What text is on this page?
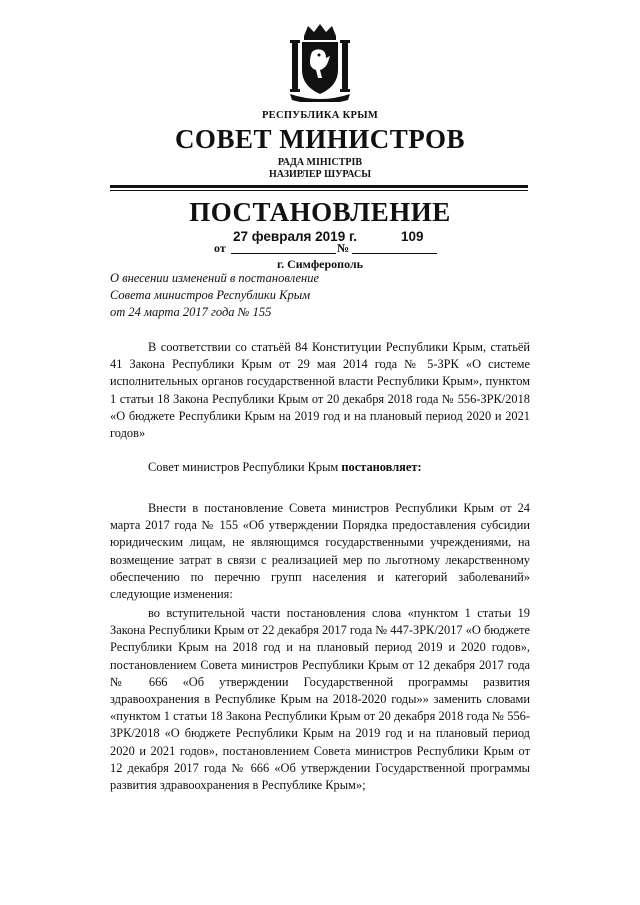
РЕСПУБЛИКА КРЫМ
СОВЕТ МИНИСТРОВ
РАДА МІНІСТРІВ
НАЗИРЛЕР ШУРАСЫ
ПОСТАНОВЛЕНИЕ
27 февраля 2019 г.	109
от	№
г. Симферополь
О внесении изменений в постановление
Совета министров Республики Крым
от 24 марта 2017 года № 155
В соответствии со статьёй 84 Конституции Республики Крым, статьёй 41 Закона Республики Крым от 29 мая 2014 года № 5-ЗРК «О системе исполнительных органов государственной власти Республики Крым», пунктом 1 статьи 18 Закона Республики Крым от 20 декабря 2018 года № 556-ЗРК/2018 «О бюджете Республики Крым на 2019 год и на плановый период 2020 и 2021 годов»
Совет министров Республики Крым постановляет:
Внести в постановление Совета министров Республики Крым от 24 марта 2017 года № 155 «Об утверждении Порядка предоставления субсидии юридическим лицам, не являющимся государственными учреждениями, на возмещение затрат в связи с реализацией мер по льготному лекарственному обеспечению по перечню групп населения и категорий заболеваний» следующие изменения:
во вступительной части постановления слова «пунктом 1 статьи 19 Закона Республики Крым от 22 декабря 2017 года № 447-ЗРК/2017 «О бюджете Республики Крым на 2018 год и на плановый период 2019 и 2020 годов», постановлением Совета министров Республики Крым от 12 декабря 2017 года № 666 «Об утверждении Государственной программы развития здравоохранения в Республике Крым на 2018-2020 годы»» заменить словами «пунктом 1 статьи 18 Закона Республики Крым от 20 декабря 2018 года № 556-ЗРК/2018 «О бюджете Республики Крым на 2019 год и на плановый период 2020 и 2021 годов», постановлением Совета министров Республики Крым от 12 декабря 2017 года № 666 «Об утверждении Государственной программы развития здравоохранения в Республике Крым»;
